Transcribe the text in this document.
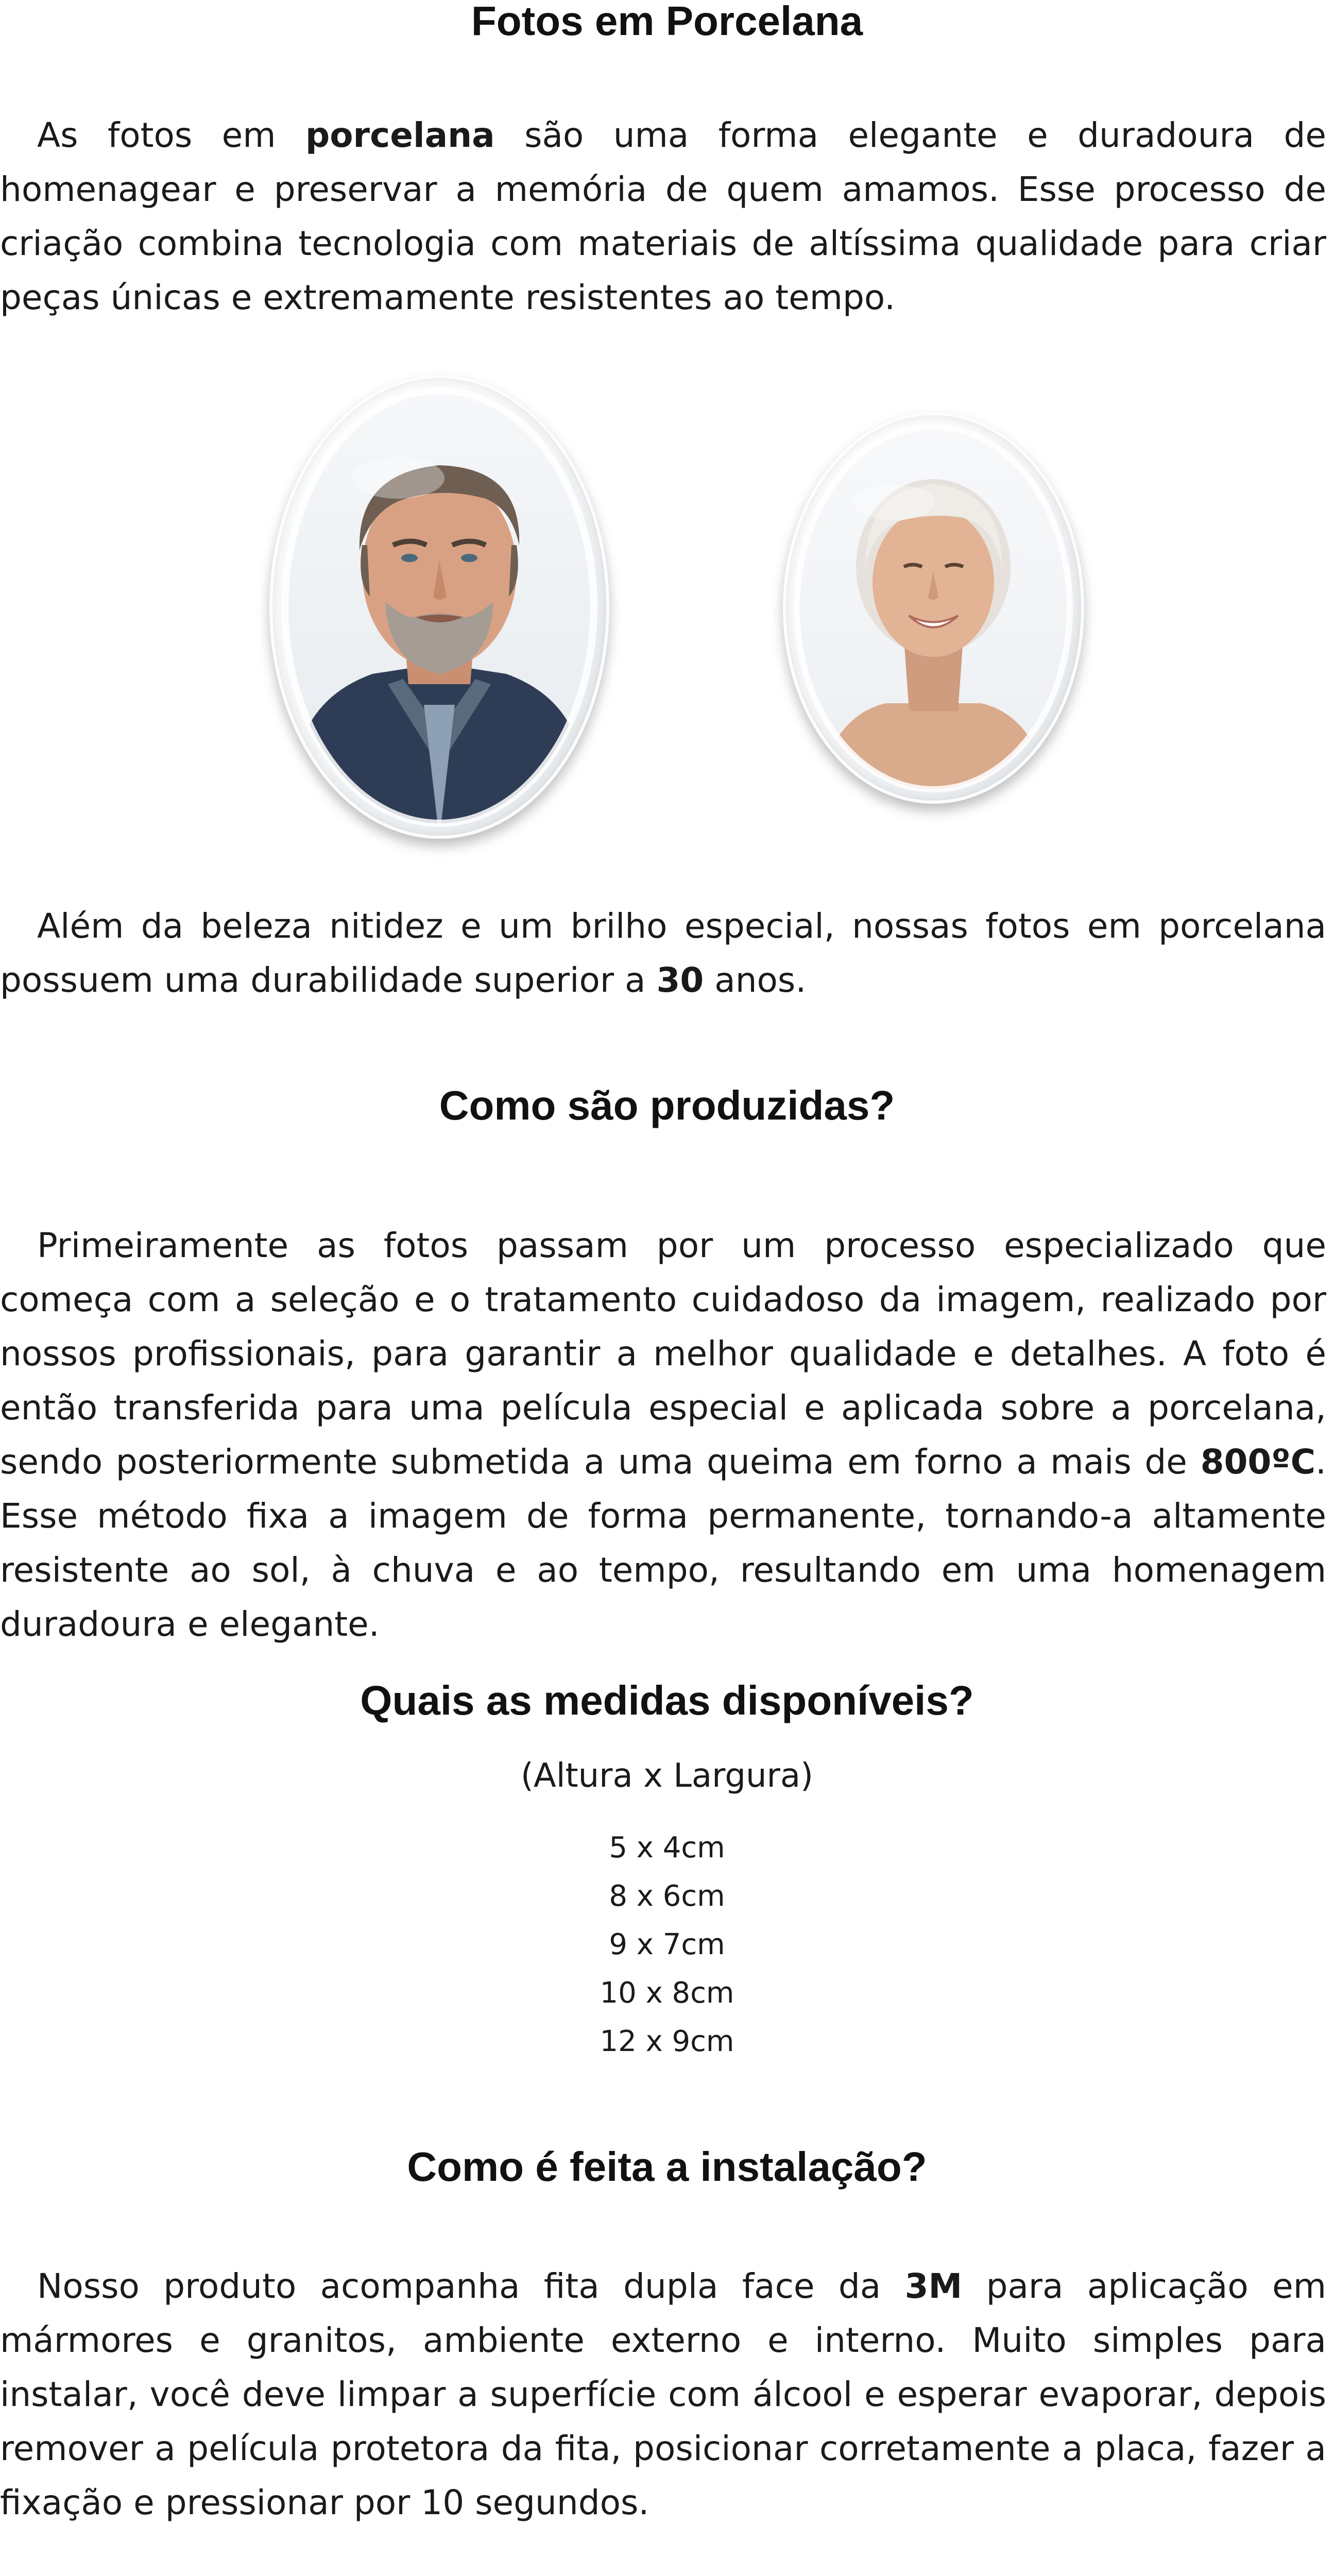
Fotos em Porcelana

As fotos em porcelana são uma forma elegante e duradoura de homenagear e preservar a memória de quem amamos. Esse processo de criação combina tecnologia com materiais de altíssima qualidade para criar peças únicas e extremamente resistentes ao tempo.

Além da beleza nitidez e um brilho especial, nossas fotos em porcelana possuem uma durabilidade superior a 30 anos.

Como são produzidas?

Primeiramente as fotos passam por um processo especializado que começa com a seleção e o tratamento cuidadoso da imagem, realizado por nossos profissionais, para garantir a melhor qualidade e detalhes. A foto é então transferida para uma película especial e aplicada sobre a porcelana, sendo posteriormente submetida a uma queima em forno a mais de 800ºC. Esse método fixa a imagem de forma permanente, tornando-a altamente resistente ao sol, à chuva e ao tempo, resultando em uma homenagem duradoura e elegante.

Quais as medidas disponíveis?

(Altura x Largura)

5 x 4cm
8 x 6cm
9 x 7cm
10 x 8cm
12 x 9cm
Como é feita a instalação?

Nosso produto acompanha fita dupla face da 3M para aplicação em mármores e granitos, ambiente externo e interno. Muito simples para instalar, você deve limpar a superfície com álcool e esperar evaporar, depois remover a película protetora da fita, posicionar corretamente a placa, fazer a fixação e pressionar por 10 segundos.
